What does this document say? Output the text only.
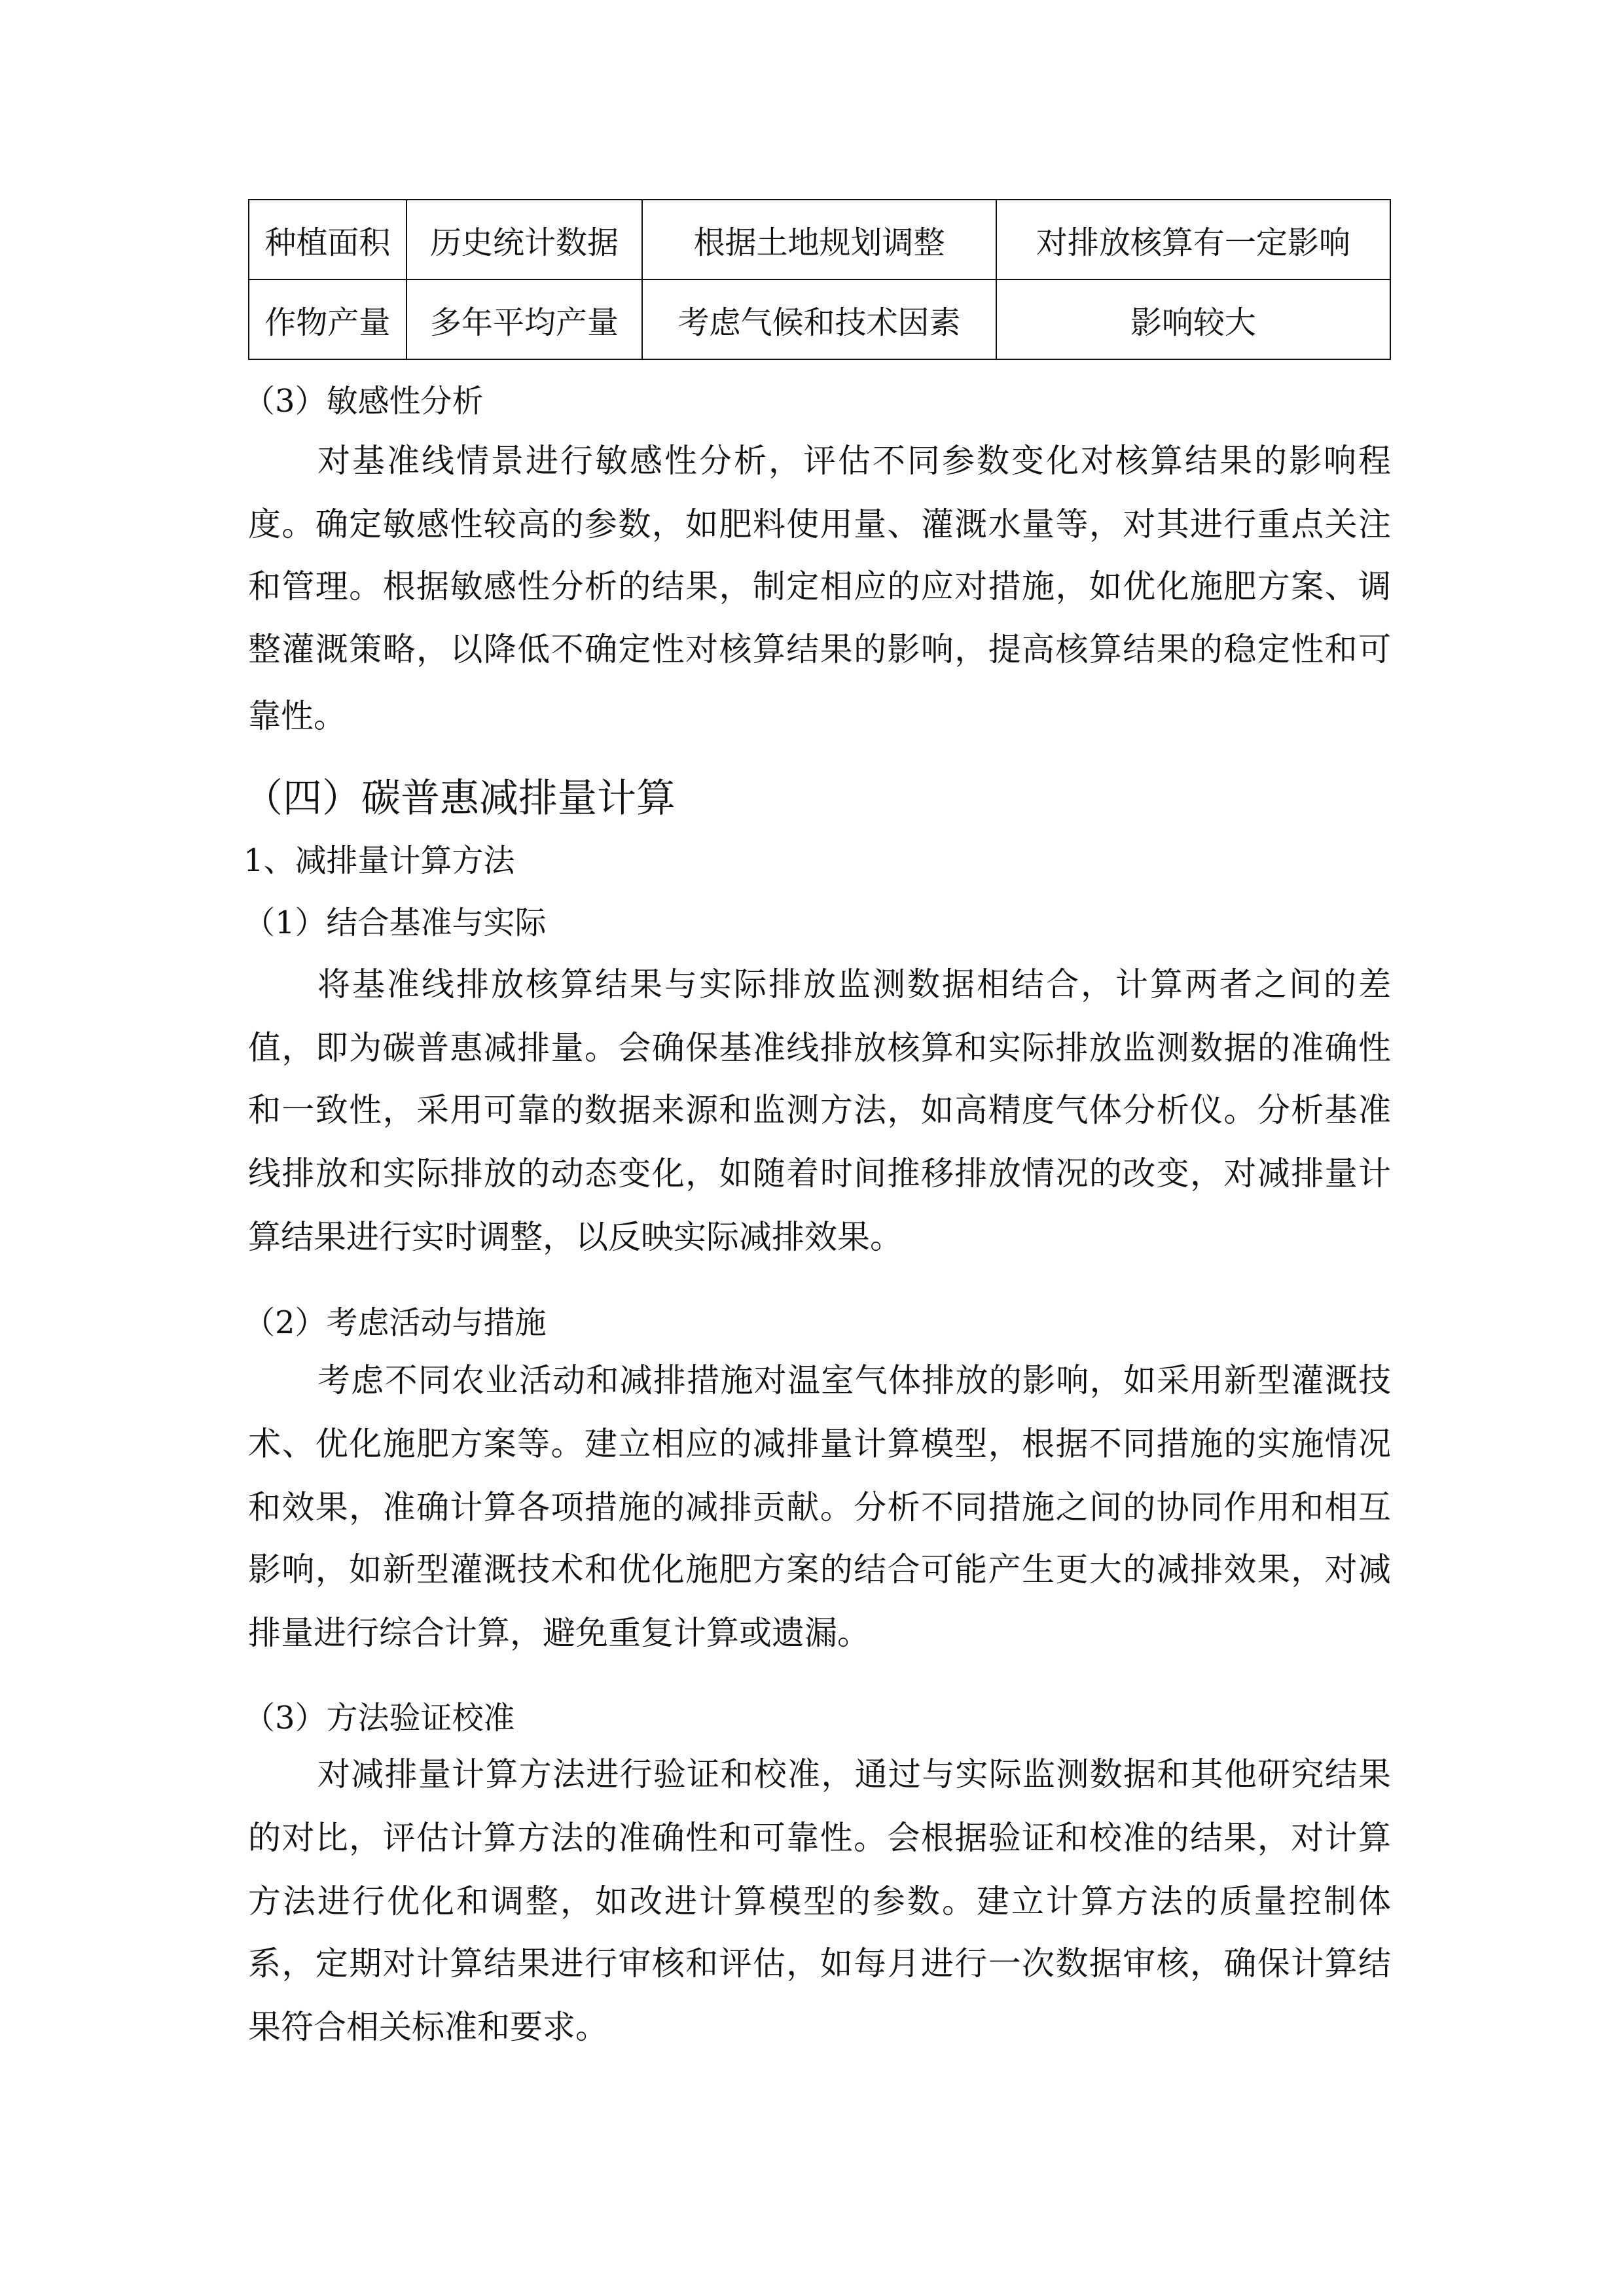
种植面积	历史统计数据	根据土地规划调整	对排放核算有一定影响
作物产量	多年平均产量	考虑气候和技术因素	影响较大
（3）敏感性分析
对基准线情景进行敏感性分析，评估不同参数变化对核算结果的影响程
度。确定敏感性较高的参数，如肥料使用量、灌溉水量等，对其进行重点关注
和管理。根据敏感性分析的结果，制定相应的应对措施，如优化施肥方案、调
整灌溉策略，以降低不确定性对核算结果的影响，提高核算结果的稳定性和可
靠性。
（四）碳普惠减排量计算
1、减排量计算方法
（1）结合基准与实际
将基准线排放核算结果与实际排放监测数据相结合，计算两者之间的差
值，即为碳普惠减排量。会确保基准线排放核算和实际排放监测数据的准确性
和一致性，采用可靠的数据来源和监测方法，如高精度气体分析仪。分析基准
线排放和实际排放的动态变化，如随着时间推移排放情况的改变，对减排量计
算结果进行实时调整，以反映实际减排效果。
（2）考虑活动与措施
考虑不同农业活动和减排措施对温室气体排放的影响，如采用新型灌溉技
术、优化施肥方案等。建立相应的减排量计算模型，根据不同措施的实施情况
和效果，准确计算各项措施的减排贡献。分析不同措施之间的协同作用和相互
影响，如新型灌溉技术和优化施肥方案的结合可能产生更大的减排效果，对减
排量进行综合计算，避免重复计算或遗漏。
（3）方法验证校准
对减排量计算方法进行验证和校准，通过与实际监测数据和其他研究结果
的对比，评估计算方法的准确性和可靠性。会根据验证和校准的结果，对计算
方法进行优化和调整，如改进计算模型的参数。建立计算方法的质量控制体
系，定期对计算结果进行审核和评估，如每月进行一次数据审核，确保计算结
果符合相关标准和要求。
